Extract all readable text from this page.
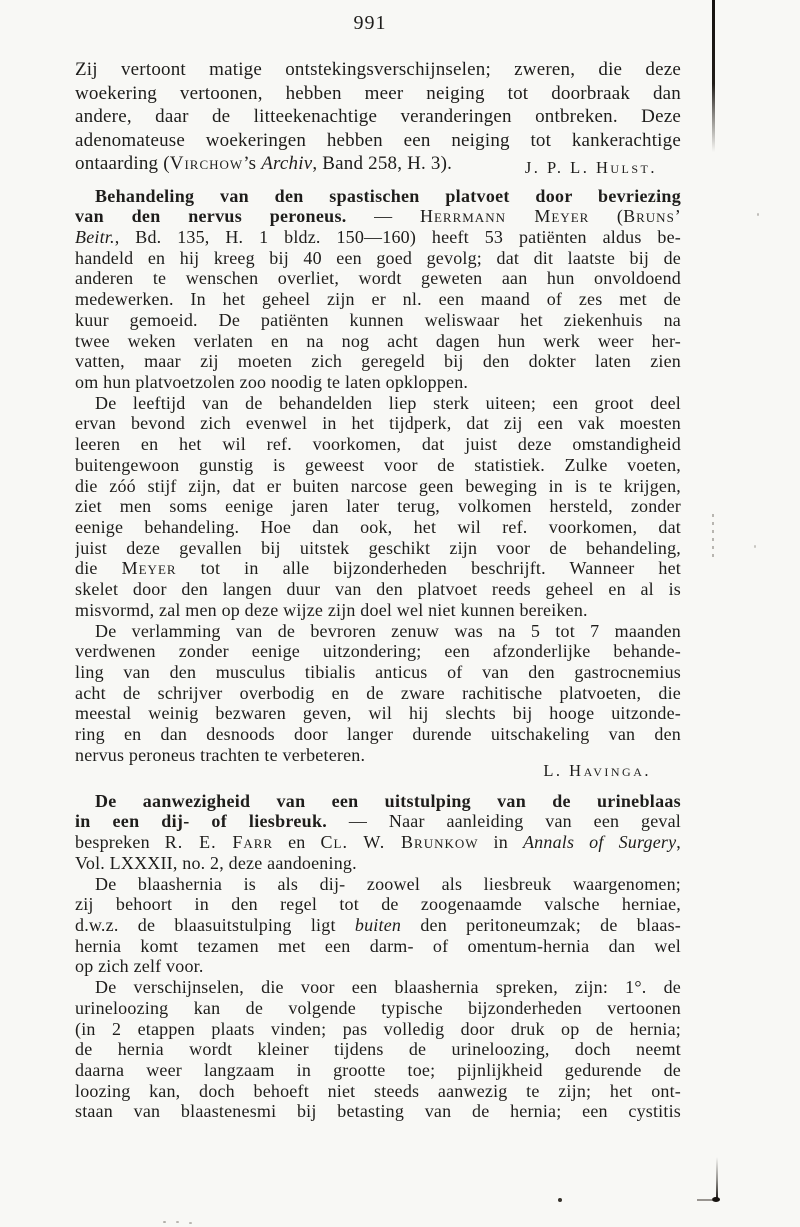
991
Zij vertoont matige ontstekingsverschijnselen; zweren, die deze
woekering vertoonen, hebben meer neiging tot doorbraak dan
andere, daar de litteekenachtige veranderingen ontbreken. Deze
adenomateuse woekeringen hebben een neiging tot kankerachtige
ontaarding (Virchow’s Archiv, Band 258, H. 3).	J. P. L. Hulst.
Behandeling van den spastischen platvoet door bevriezing
van den nervus peroneus. — Herrmann Meyer (Bruns’
Beitr., Bd. 135, H. 1 bldz. 150—160) heeft 53 patiënten aldus be-
handeld en hij kreeg bij 40 een goed gevolg; dat dit laatste bij de
anderen te wenschen overliet, wordt geweten aan hun onvoldoend
medewerken. In het geheel zijn er nl. een maand of zes met de
kuur gemoeid. De patiënten kunnen weliswaar het ziekenhuis na
twee weken verlaten en na nog acht dagen hun werk weer her-
vatten, maar zij moeten zich geregeld bij den dokter laten zien
om hun platvoetzolen zoo noodig te laten opkloppen.
De leeftijd van de behandelden liep sterk uiteen; een groot deel
ervan bevond zich evenwel in het tijdperk, dat zij een vak moesten
leeren en het wil ref. voorkomen, dat juist deze omstandigheid
buitengewoon gunstig is geweest voor de statistiek. Zulke voeten,
die zóó stijf zijn, dat er buiten narcose geen beweging in is te krijgen,
ziet men soms eenige jaren later terug, volkomen hersteld, zonder
eenige behandeling. Hoe dan ook, het wil ref. voorkomen, dat
juist deze gevallen bij uitstek geschikt zijn voor de behandeling,
die Meyer tot in alle bijzonderheden beschrijft. Wanneer het
skelet door den langen duur van den platvoet reeds geheel en al is
misvormd, zal men op deze wijze zijn doel wel niet kunnen bereiken.
De verlamming van de bevroren zenuw was na 5 tot 7 maanden
verdwenen zonder eenige uitzondering; een afzonderlijke behande-
ling van den musculus tibialis anticus of van den gastrocnemius
acht de schrijver overbodig en de zware rachitische platvoeten, die
meestal weinig bezwaren geven, wil hij slechts bij hooge uitzonde-
ring en dan desnoods door langer durende uitschakeling van den
nervus peroneus trachten te verbeteren.
L. Havinga.
De aanwezigheid van een uitstulping van de urineblaas
in een dij- of liesbreuk. — Naar aanleiding van een geval
bespreken R. E. Farr en Cl. W. Brunkow in Annals of Surgery,
Vol. LXXXII, no. 2, deze aandoening.
De blaashernia is als dij- zoowel als liesbreuk waargenomen;
zij behoort in den regel tot de zoogenaamde valsche herniae,
d.w.z. de blaasuitstulping ligt buiten den peritoneumzak; de blaas-
hernia komt tezamen met een darm- of omentum-hernia dan wel
op zich zelf voor.
De verschijnselen, die voor een blaashernia spreken, zijn: 1°. de
urineloozing kan de volgende typische bijzonderheden vertoonen
(in 2 etappen plaats vinden; pas volledig door druk op de hernia;
de hernia wordt kleiner tijdens de urineloozing, doch neemt
daarna weer langzaam in grootte toe; pijnlijkheid gedurende de
loozing kan, doch behoeft niet steeds aanwezig te zijn; het ont-
staan van blaastenesmi bij betasting van de hernia; een cystitis
